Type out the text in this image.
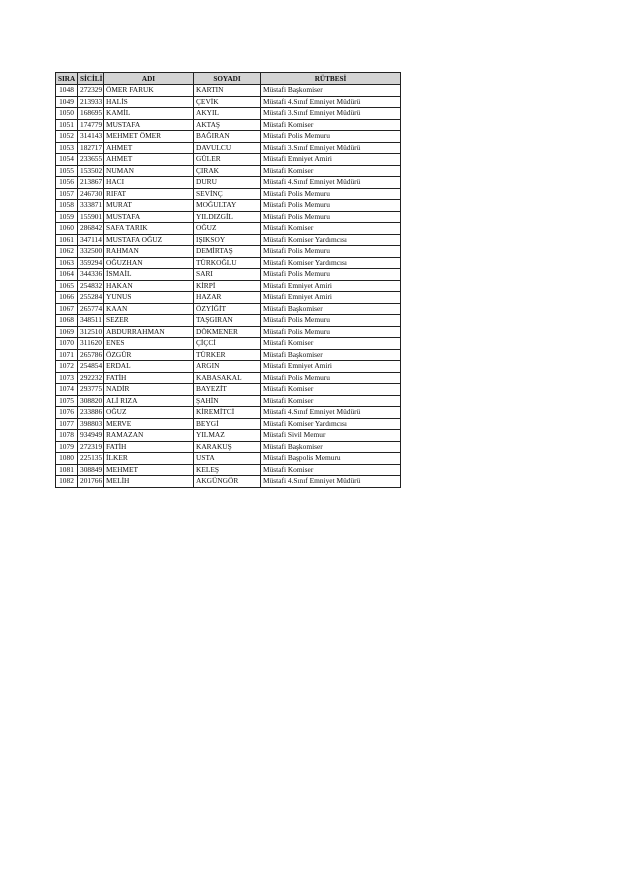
SIRA	SİCİLİ	ADI	SOYADI	RÜTBESİ
1048	272329	ÖMER FARUK	KARTIN	Müstafi Başkomiser
1049	213933	HALİS	ÇEVİK	Müstafi 4.Sınıf Emniyet Müdürü
1050	168695	KAMİL	AKYIL	Müstafi 3.Sınıf Emniyet Müdürü
1051	174779	MUSTAFA	AKTAŞ	Müstafi Komiser
1052	314143	MEHMET ÖMER	BAĞIRAN	Müstafi Polis Memuru
1053	182717	AHMET	DAVULCU	Müstafi 3.Sınıf Emniyet Müdürü
1054	233655	AHMET	GÜLER	Müstafi Emniyet Amiri
1055	153502	NUMAN	ÇIRAK	Müstafi Komiser
1056	213867	HACI	DURU	Müstafi 4.Sınıf Emniyet Müdürü
1057	246730	RIFAT	SEVİNÇ	Müstafi Polis Memuru
1058	333871	MURAT	MOĞULTAY	Müstafi Polis Memuru
1059	155901	MUSTAFA	YILDIZGİL	Müstafi Polis Memuru
1060	286842	SAFA TARIK	OĞUZ	Müstafi Komiser
1061	347114	MUSTAFA OĞUZ	IŞIKSOY	Müstafi Komiser Yardımcısı
1062	332500	RAHMAN	DEMİRTAŞ	Müstafi Polis Memuru
1063	359294	OĞUZHAN	TÜRKOĞLU	Müstafi Komiser Yardımcısı
1064	344336	İSMAİL	SARI	Müstafi Polis Memuru
1065	254832	HAKAN	KİRPİ	Müstafi Emniyet Amiri
1066	255284	YUNUS	HAZAR	Müstafi Emniyet Amiri
1067	265774	KAAN	ÖZYİĞİT	Müstafi Başkomiser
1068	348511	SEZER	TAŞGIRAN	Müstafi Polis Memuru
1069	312510	ABDURRAHMAN	DÖKMENER	Müstafi Polis Memuru
1070	311620	ENES	ÇİÇCİ	Müstafi Komiser
1071	265786	ÖZGÜR	TÜRKER	Müstafi Başkomiser
1072	254854	ERDAL	ARGIN	Müstafi Emniyet Amiri
1073	292232	FATİH	KABASAKAL	Müstafi Polis Memuru
1074	293775	NADİR	BAYEZİT	Müstafi Komiser
1075	308820	ALİ RIZA	ŞAHİN	Müstafi Komiser
1076	233886	OĞUZ	KİREMİTCİ	Müstafi 4.Sınıf Emniyet Müdürü
1077	398803	MERVE	BEYGİ	Müstafi Komiser Yardımcısı
1078	934949	RAMAZAN	YILMAZ	Müstafi Sivil Memur
1079	272319	FATİH	KARAKUŞ	Müstafi Başkomiser
1080	225135	İLKER	USTA	Müstafi Başpolis Memuru
1081	308849	MEHMET	KELEŞ	Müstafi Komiser
1082	201766	MELİH	AKGÜNGÖR	Müstafi 4.Sınıf Emniyet Müdürü
